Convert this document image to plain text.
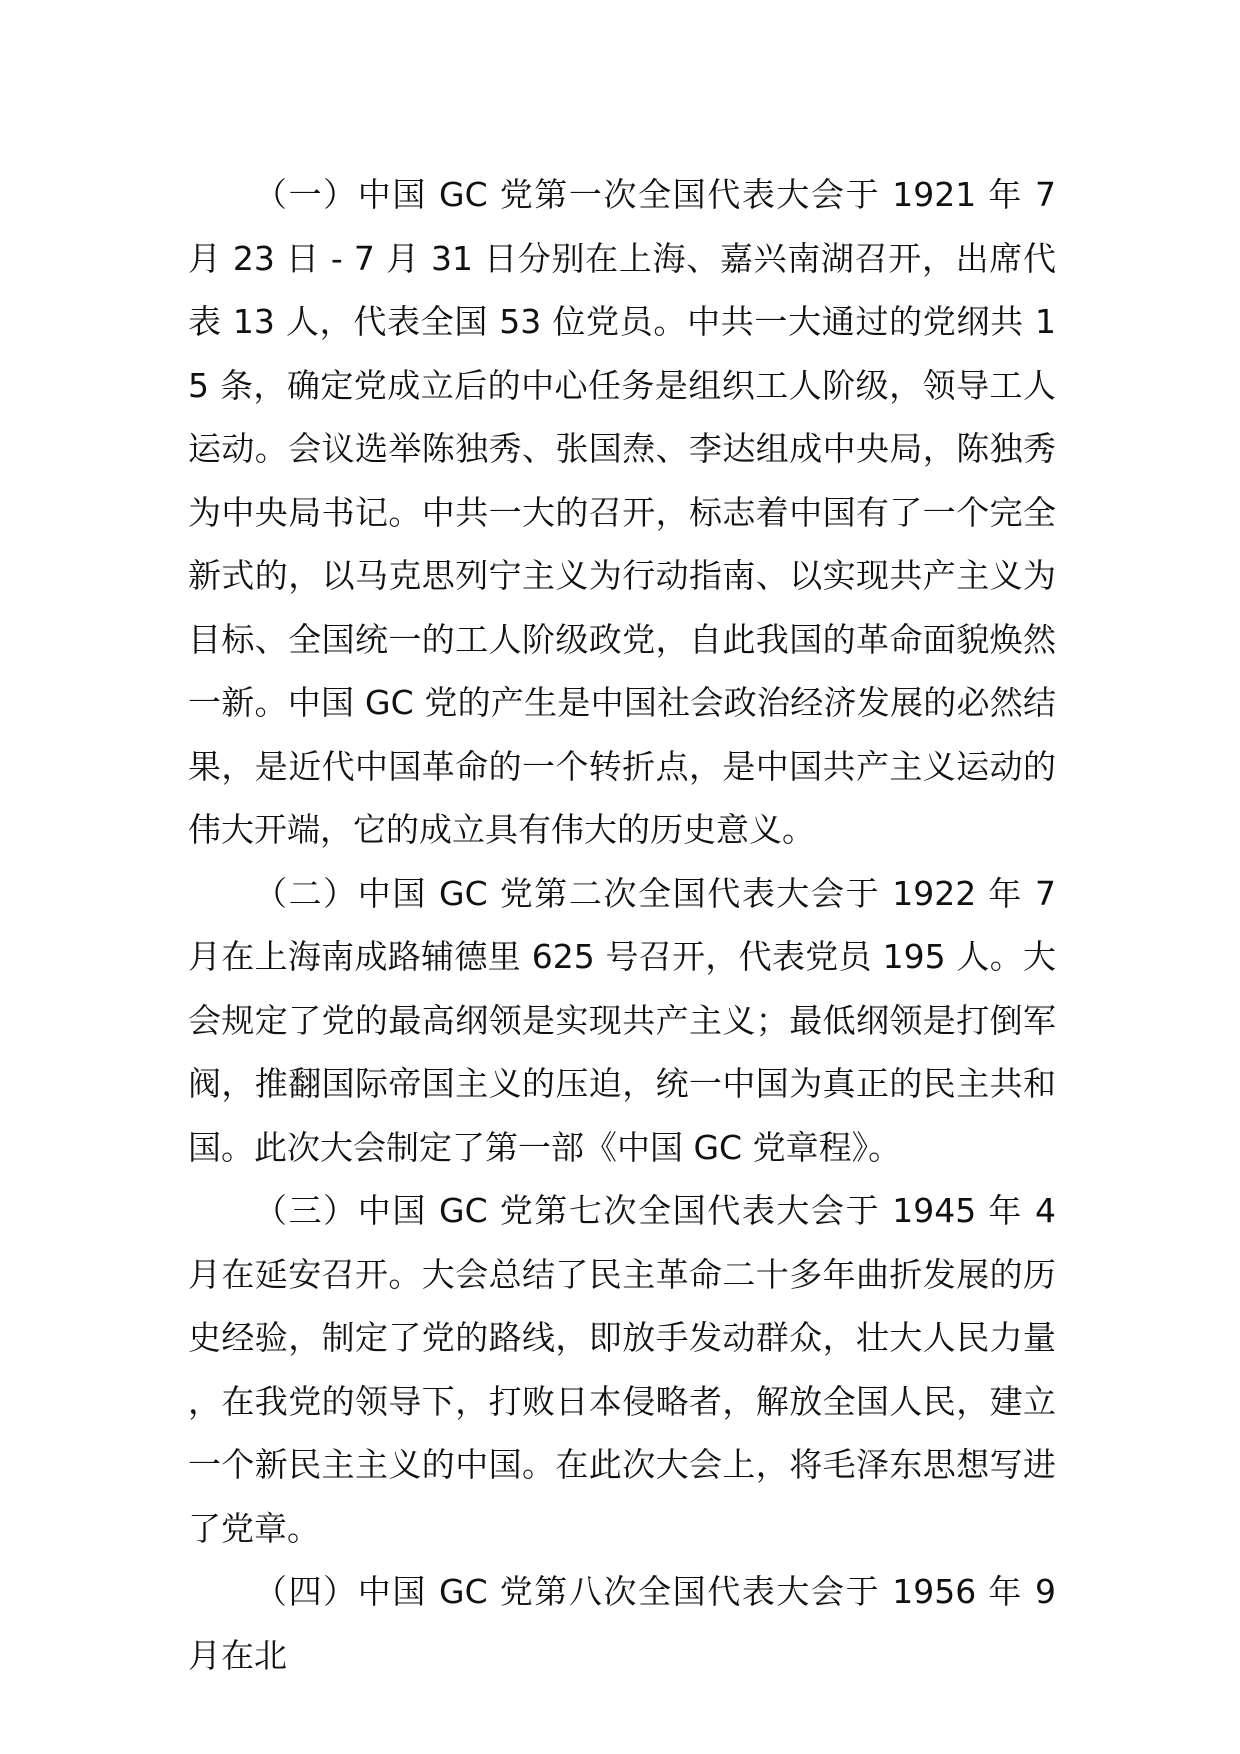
（一）中国 GC 党第一次全国代表大会于 1921 年 7 月 23 日 - 7 月 31 日分别在上海、嘉兴南湖召开，出席代表 13 人，代表全国 53 位党员。中共一大通过的党纲共 15 条，确定党成立后的中心任务是组织工人阶级，领导工人运动。会议选举陈独秀、张国焘、李达组成中央局，陈独秀为中央局书记。中共一大的召开，标志着中国有了一个完全新式的，以马克思列宁主义为行动指南、以实现共产主义为目标、全国统一的工人阶级政党，自此我国的革命面貌焕然一新。中国 GC 党的产生是中国社会政治经济发展的必然结果，是近代中国革命的一个转折点，是中国共产主义运动的伟大开端，它的成立具有伟大的历史意义。

（二）中国 GC 党第二次全国代表大会于 1922 年 7 月在上海南成路辅德里 625 号召开，代表党员 195 人。大会规定了党的最高纲领是实现共产主义；最低纲领是打倒军阀，推翻国际帝国主义的压迫，统一中国为真正的民主共和国。此次大会制定了第一部《中国 GC 党章程》。

（三）中国 GC 党第七次全国代表大会于 1945 年 4 月在延安召开。大会总结了民主革命二十多年曲折发展的历史经验，制定了党的路线，即放手发动群众，壮大人民力量，在我党的领导下，打败日本侵略者，解放全国人民，建立一个新民主主义的中国。在此次大会上，将毛泽东思想写进了党章。

（四）中国 GC 党第八次全国代表大会于 1956 年 9 月在北
